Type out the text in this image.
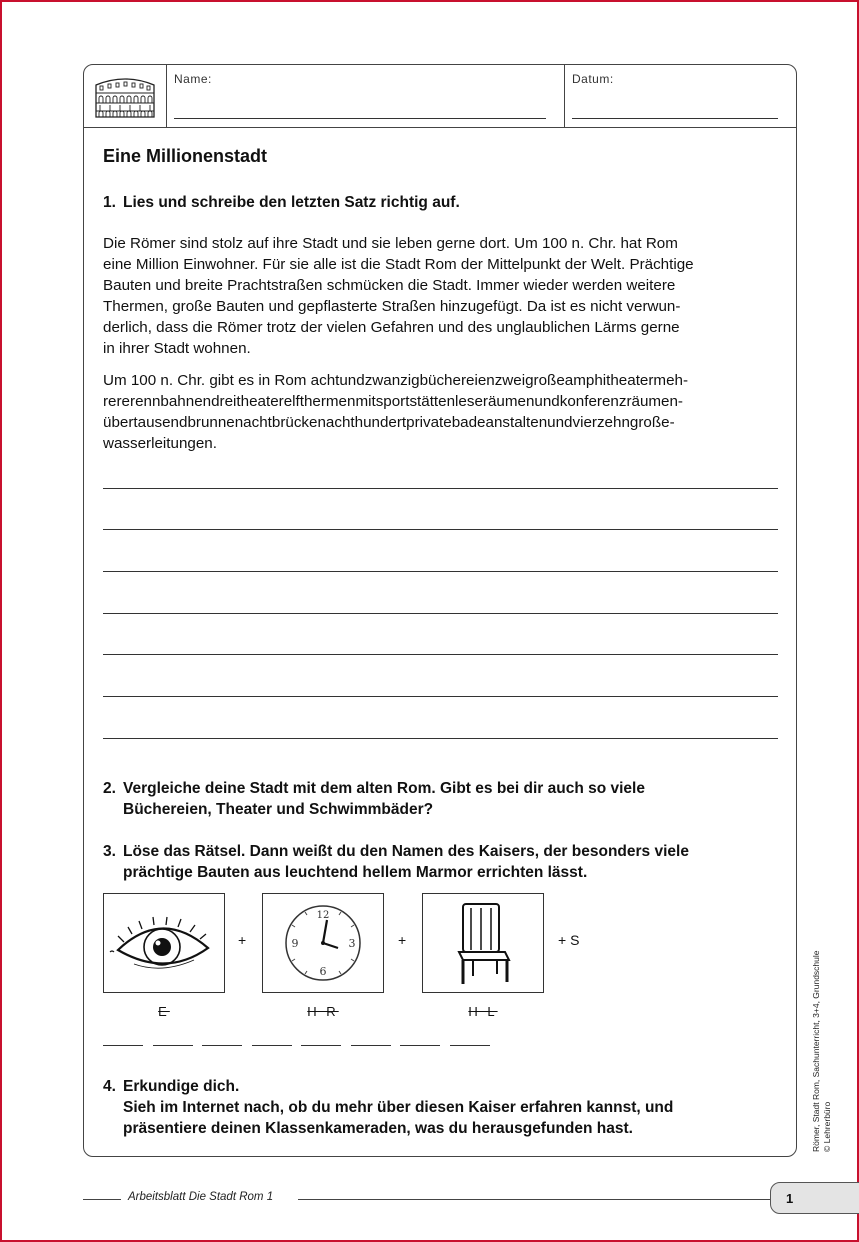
Name:	Datum:
Eine Millionenstadt
1. Lies und schreibe den letzten Satz richtig auf.
Die Römer sind stolz auf ihre Stadt und sie leben gerne dort. Um 100 n. Chr. hat Rom
eine Million Einwohner. Für sie alle ist die Stadt Rom der Mittelpunkt der Welt. Prächtige
Bauten und breite Prachtstraßen schmücken die Stadt. Immer wieder werden weitere
Thermen, große Bauten und gepflasterte Straßen hinzugefügt. Da ist es nicht verwun-
derlich, dass die Römer trotz der vielen Gefahren und des unglaublichen Lärms gerne
in ihrer Stadt wohnen.
Um 100 n. Chr. gibt es in Rom achtundzwanzigbüchereienzweigroßeamphitheatermeh-
rererennbahnendreitheaterelfthermenmitsportstättenleseräumenundkonferenzräumen-
übertausendbrunnenachtbrückenachthundertprivatebadeanstaltenundvierzehngroße-
wasserleitungen.
2. Vergleiche deine Stadt mit dem alten Rom. Gibt es bei dir auch so viele
Büchereien, Theater und Schwimmbäder?
3. Löse das Rätsel. Dann weißt du den Namen des Kaisers, der besonders viele
prächtige Bauten aus leuchtend hellem Marmor errichten lässt.
+
12
3
6
9	+	+ S
E	H R	H L
4. Erkundige dich.
Sieh im Internet nach, ob du mehr über diesen Kaiser erfahren kannst, und
präsentiere deinen Klassenkameraden, was du herausgefunden hast.	Römer, Stadt Rom, Sachunterricht, 3+4, Grundschule © Lehrerbüro
Arbeitsblatt Die Stadt Rom 1	1
